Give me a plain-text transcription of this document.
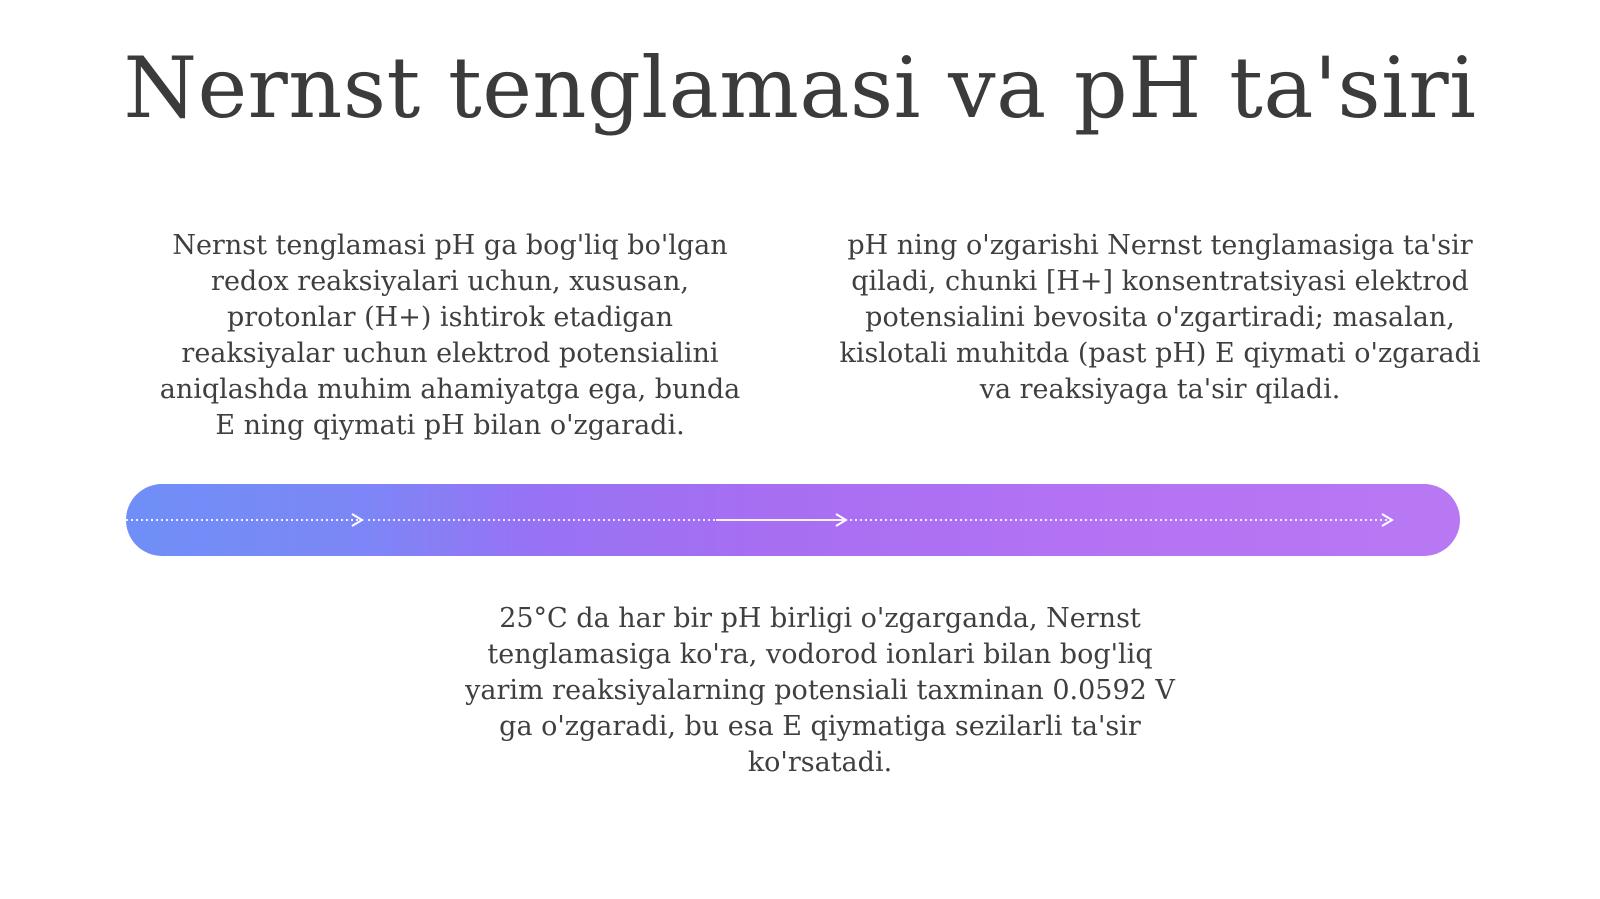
Nernst tenglamasi va pH ta'siri

Nernst tenglamasi pH ga bog'liq bo'lgan redox reaksiyalari uchun, xususan, protonlar (H+) ishtirok etadigan reaksiyalar uchun elektrod potensialini aniqlashda muhim ahamiyatga ega, bunda E ning qiymati pH bilan o'zgaradi.

pH ning o'zgarishi Nernst tenglamasiga ta'sir qiladi, chunki [H+] konsentratsiyasi elektrod potensialini bevosita o'zgartiradi; masalan, kislotali muhitda (past pH) E qiymati o'zgaradi va reaksiyaga ta'sir qiladi.

25°C da har bir pH birligi o'zgarganda, Nernst tenglamasiga ko'ra, vodorod ionlari bilan bog'liq yarim reaksiyalarning potensiali taxminan 0.0592 V ga o'zgaradi, bu esa E qiymatiga sezilarli ta'sir ko'rsatadi.
